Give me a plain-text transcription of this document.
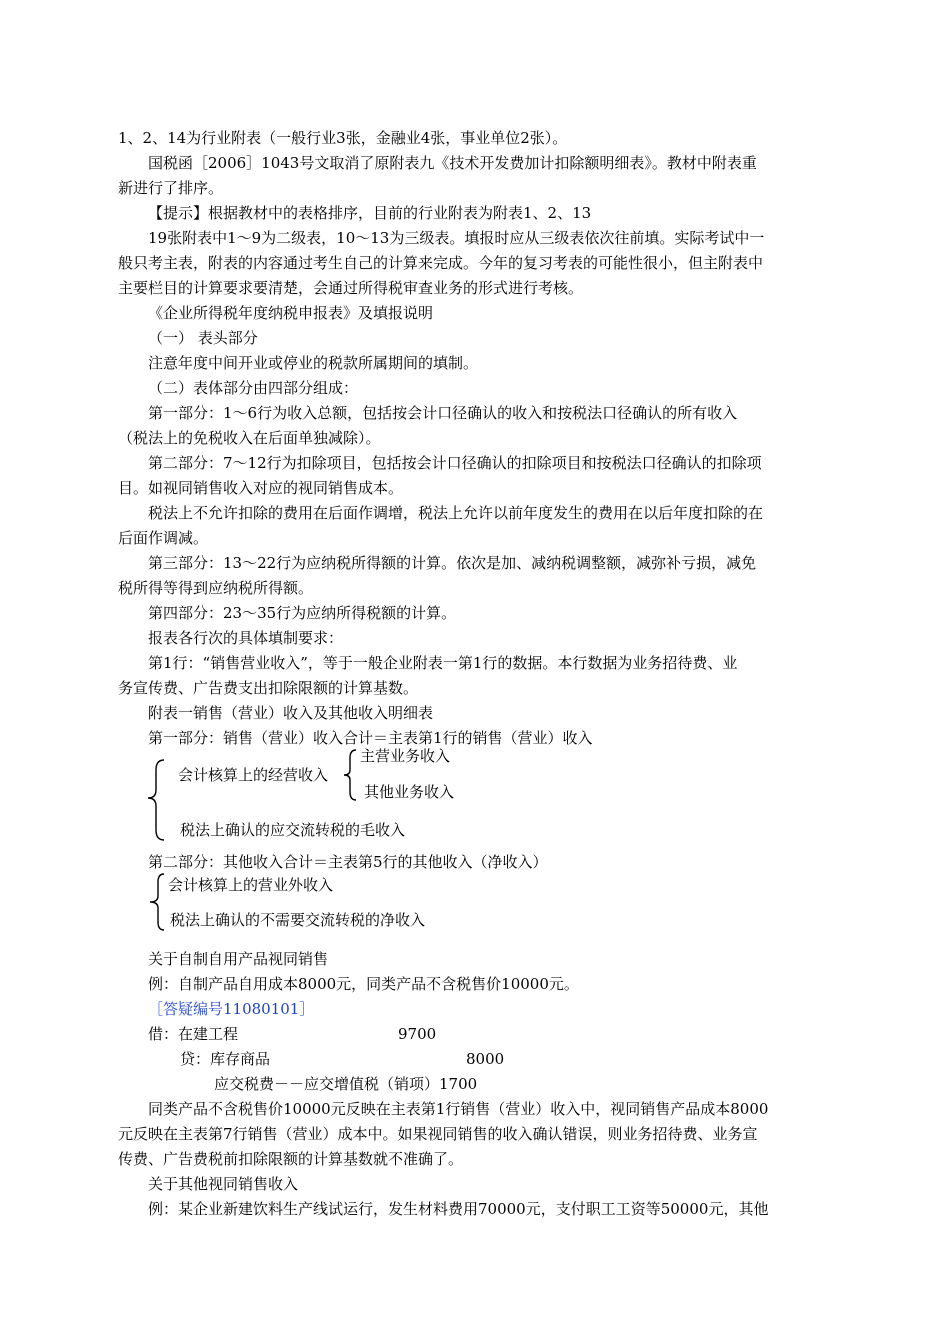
1、2、14为行业附表（一般行业3张，金融业4张，事业单位2张）。
国税函［2006］1043号文取消了原附表九《技术开发费加计扣除额明细表》。教材中附表重
新进行了排序。
【提示】根据教材中的表格排序，目前的行业附表为附表1、2、13
19张附表中1～9为二级表，10～13为三级表。填报时应从三级表依次往前填。实际考试中一
般只考主表，附表的内容通过考生自己的计算来完成。今年的复习考表的可能性很小，但主附表中
主要栏目的计算要求要清楚，会通过所得税审查业务的形式进行考核。
《企业所得税年度纳税申报表》及填报说明
（一） 表头部分
注意年度中间开业或停业的税款所属期间的填制。
（二）表体部分由四部分组成：
第一部分：1～6行为收入总额，包括按会计口径确认的收入和按税法口径确认的所有收入
（税法上的免税收入在后面单独减除）。
第二部分：7～12行为扣除项目，包括按会计口径确认的扣除项目和按税法口径确认的扣除项
目。如视同销售收入对应的视同销售成本。
税法上不允许扣除的费用在后面作调增，税法上允许以前年度发生的费用在以后年度扣除的在
后面作调减。
第三部分：13～22行为应纳税所得额的计算。依次是加、减纳税调整额，减弥补亏损，减免
税所得等得到应纳税所得额。
第四部分：23～35行为应纳所得税额的计算。
报表各行次的具体填制要求：
第1行：“销售营业收入”，等于一般企业附表一第1行的数据。本行数据为业务招待费、业
务宣传费、广告费支出扣除限额的计算基数。
附表一销售（营业）收入及其他收入明细表
第一部分：销售（营业）收入合计＝主表第1行的销售（营业）收入
会计核算上的经营收入
主营业务收入
其他业务收入
税法上确认的应交流转税的毛收入
第二部分：其他收入合计＝主表第5行的其他收入（净收入）
会计核算上的营业外收入
税法上确认的不需要交流转税的净收入
关于自制自用产品视同销售
例：自制产品自用成本8000元，同类产品不含税售价10000元。
［答疑编号11080101］
借：在建工程	9700
贷：库存商品	8000
应交税费－－应交增值税（销项）1700
同类产品不含税售价10000元反映在主表第1行销售（营业）收入中，视同销售产品成本8000
元反映在主表第7行销售（营业）成本中。如果视同销售的收入确认错误，则业务招待费、业务宣
传费、广告费税前扣除限额的计算基数就不准确了。
关于其他视同销售收入
例：某企业新建饮料生产线试运行，发生材料费用70000元，支付职工工资等50000元，其他
